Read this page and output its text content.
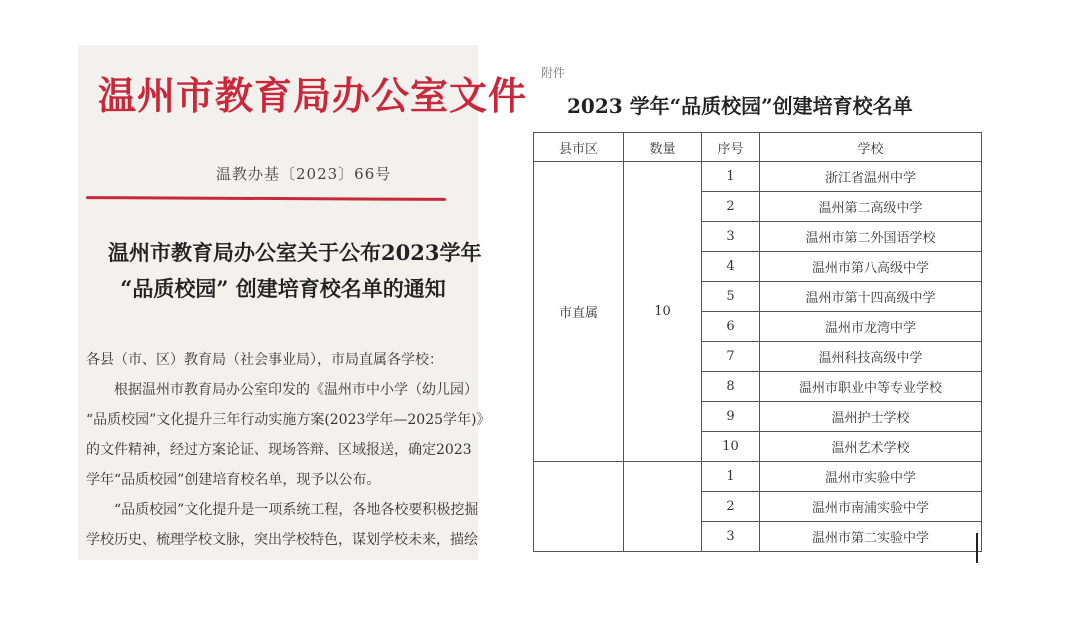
温州市教育局办公室文件
温教办基〔2023〕66号
温州市教育局办公室关于公布2023学年
“品质校园” 创建培育校名单的通知

各县（市、区）教育局（社会事业局），市局直属各学校：

根据温州市教育局办公室印发的《温州市中小学（幼儿园）

“品质校园”文化提升三年行动实施方案(2023学年—2025学年)》

的文件精神，经过方案论证、现场答辩、区域报送，确定2023

学年“品质校园”创建培育校名单，现予以公布。

“品质校园”文化提升是一项系统工程，各地各校要积极挖掘

学校历史、梳理学校文脉，突出学校特色，谋划学校未来，描绘

附件
2023 学年“品质校园”创建培育校名单
县市区	数量	序号	学校
市直属	10	1	浙江省温州中学
		2	温州第二高级中学
		3	温州市第二外国语学校
		4	温州市第八高级中学
		5	温州市第十四高级中学
		6	温州市龙湾中学
		7	温州科技高级中学
		8	温州市职业中等专业学校
		9	温州护士学校
		10	温州艺术学校
		1	温州市实验中学
		2	温州市南浦实验中学
		3	温州市第二实验中学
